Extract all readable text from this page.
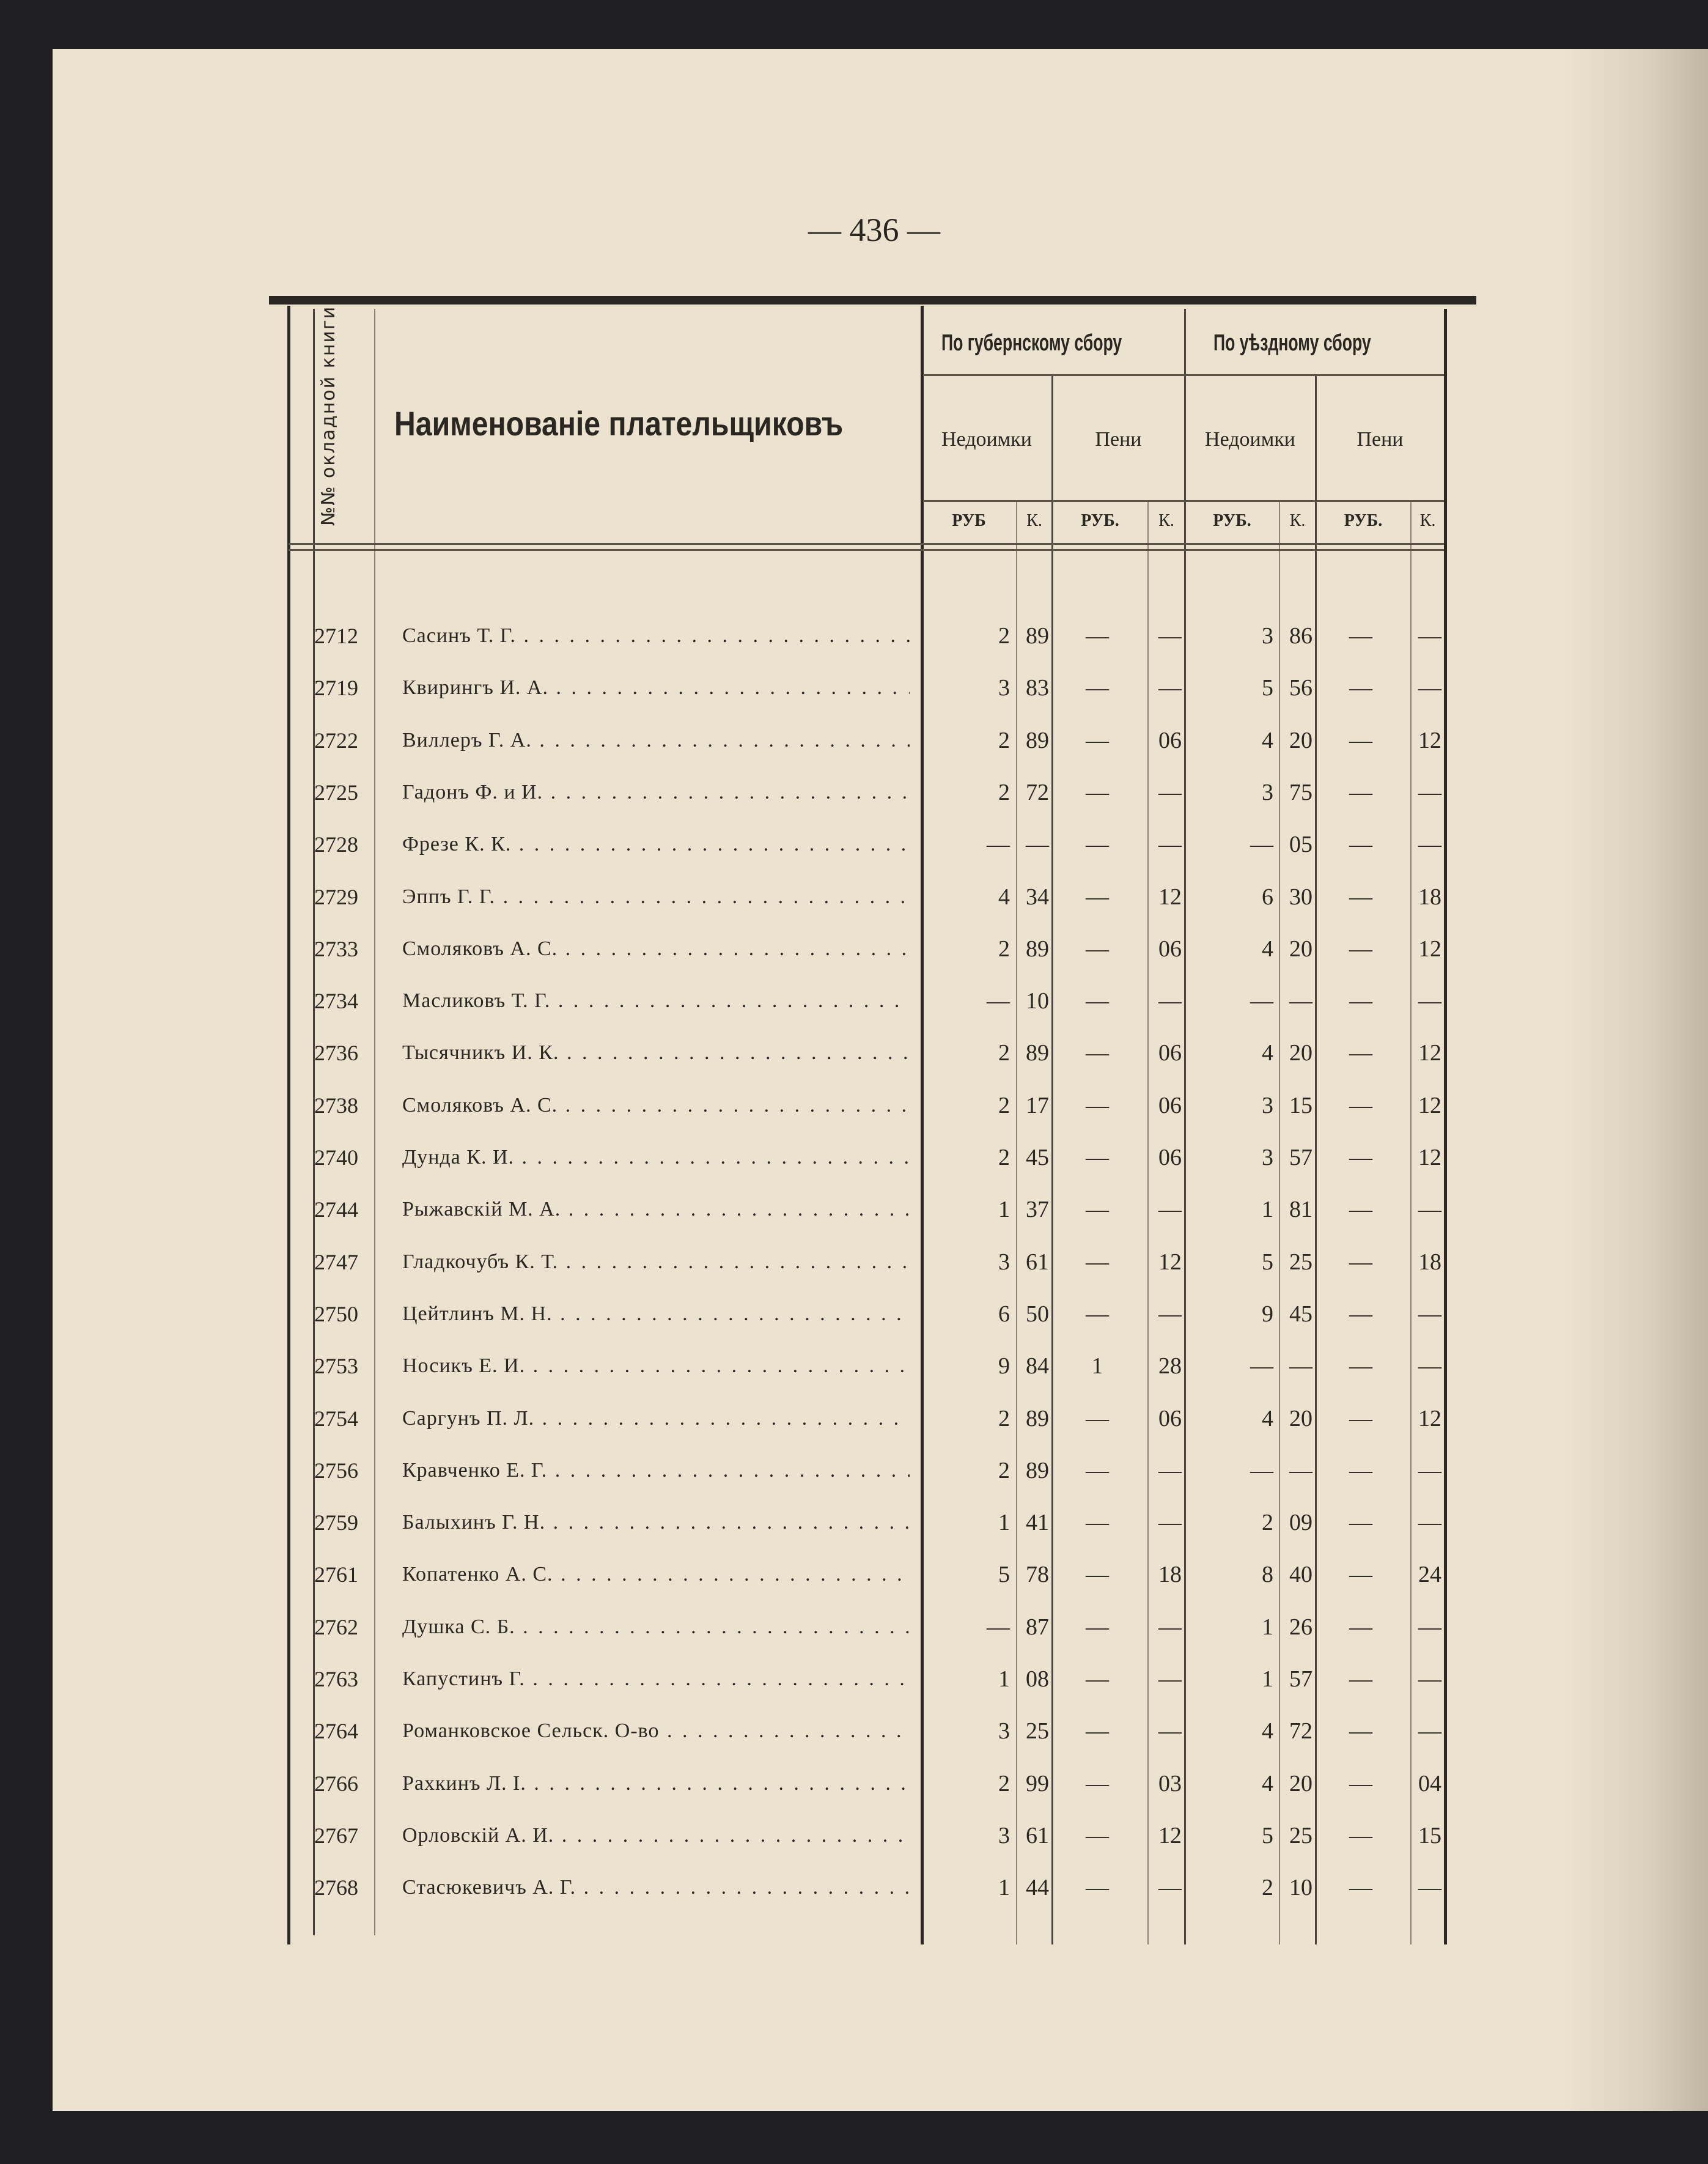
— 436 —
№№ окладной книги	Наименованіе плательщиковъ
По губернскому сбору	По уѣздному сбору
Недоимки	Пени	Недоимки	Пени
РУБ	К.	РУБ.	К.	РУБ.	К.	РУБ.	К.
2712	Сасинъ Т. Г. . . .	2 89	—	—	3 86	—	—
2719	Квирингъ И. А. . . .	3 83	—	—	5 56	—	—
2722	Виллеръ Г. А. . . .	2 89	—	06	4 20	—	12
2725	Гадонъ Ф. и И. . . .	2 72	—	—	3 75	—	—
2728	Фрезе К. К. . . .	— —	—	—	— 05	—	—
2729	Эппъ Г. Г. . . .	4 34	—	12	6 30	—	18
2733	Смоляковъ А. С. . . .	2 89	—	06	4 20	—	12
2734	Масликовъ Т. Г. . . .	— 10	—	—	— —	—	—
2736	Тысячникъ И. К. . . .	2 89	—	06	4 20	—	12
2738	Смоляковъ А. С. . . .	2 17	—	06	3 15	—	12
2740	Дунда К. И. . . .	2 45	—	06	3 57	—	12
2744	Рыжавскій М. А. . . .	1 37	—	—	1 81	—	—
2747	Гладкочубъ К. Т. . . .	3 61	—	12	5 25	—	18
2750	Цейтлинъ М. Н. . . .	6 50	—	—	9 45	—	—
2753	Носикъ Е. И. . . .	9 84	1	28	— —	—	—
2754	Саргунъ П. Л. . . .	2 89	—	06	4 20	—	12
2756	Кравченко Е. Г. . . .	2 89	—	—	— —	—	—
2759	Балыхинъ Г. Н. . . .	1 41	—	—	2 09	—	—
2761	Копатенко А. С. . . .	5 78	—	18	8 40	—	24
2762	Душка С. Б. . . .	— 87	—	—	1 26	—	—
2763	Капустинъ Г. . . .	1 08	—	—	1 57	—	—
2764	Романковское Сельск. О-во . . .	3 25	—	—	4 72	—	—
2766	Рахкинъ Л. І. . . .	2 99	—	03	4 20	—	04
2767	Орловскій А. И. . . .	3 61	—	12	5 25	—	15
2768	Стасюкевичъ А. Г. . . .	1 44	—	—	2 10	—	—
